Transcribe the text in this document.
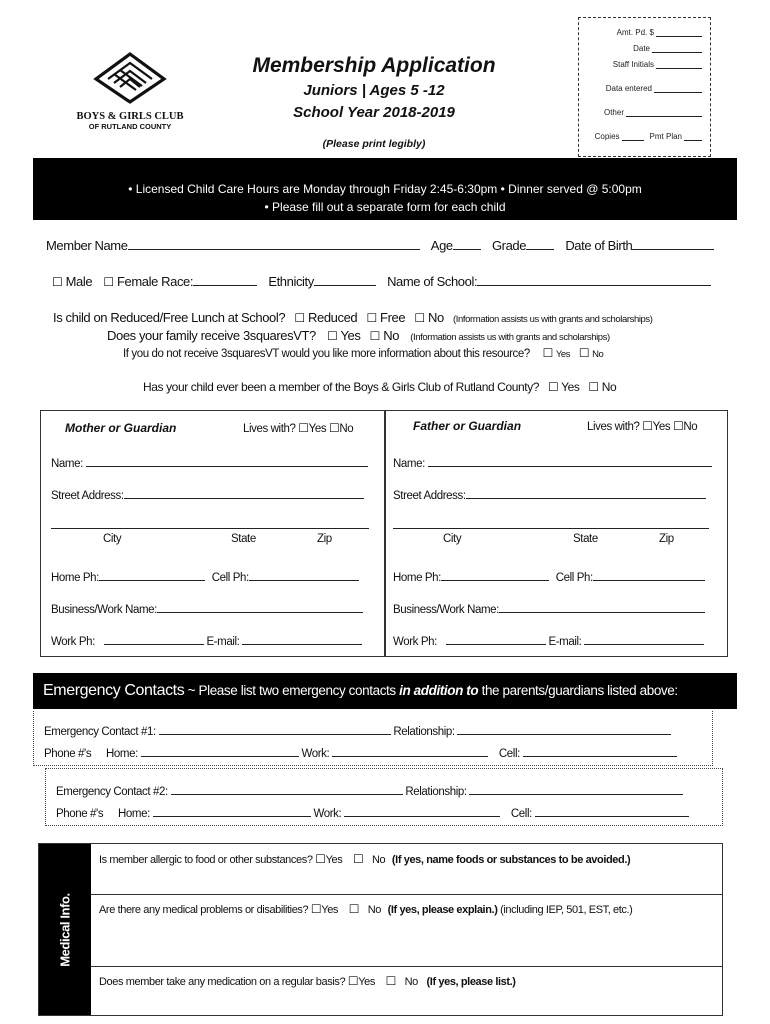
Amt. Pd. $
Date
Staff Initials
Data entered
Other
Copies	Pmt Plan
BOYS & GIRLS CLUB
OF RUTLAND COUNTY
Membership Application
Juniors | Ages 5 -12
School Year 2018-2019
(Please print legibly)
• Licensed Child Care Hours are Monday through Friday 2:45-6:30pm • Dinner served @ 5:00pm
• Please fill out a separate form for each child
Member Name	Age	Grade	Date of Birth
☐ Male ☐ Female Race:	Ethnicity	Name of School:
Is child on Reduced/Free Lunch at School? ☐ Reduced ☐ Free ☐ No (Information assists us with grants and scholarships)
Does your family receive 3squaresVT? ☐ Yes ☐ No (Information assists us with grants and scholarships)
If you do not receive 3squaresVT would you like more information about this resource? ☐ Yes ☐ No
Has your child ever been a member of the Boys & Girls Club of Rutland County? ☐ Yes ☐ No
Mother or Guardian	Lives with? ☐Yes ☐No
Name:
Street Address:
City	State	Zip
Home Ph:	Cell Ph:
Business/Work Name:
Work Ph:	E-mail:
Father or Guardian	Lives with? ☐Yes ☐No
Name:
Street Address:
City	State	Zip
Home Ph:	Cell Ph:
Business/Work Name:
Work Ph:	E-mail:
Emergency Contacts ~ Please list two emergency contacts in addition to the parents/guardians listed above:
Emergency Contact #1:	Relationship:
Phone #'s Home:	Work:	Cell:
Emergency Contact #2:	Relationship:
Phone #'s Home:	Work:	Cell:
Medical Info.
Is member allergic to food or other substances? ☐Yes ☐ No (If yes, name foods or substances to be avoided.)
Are there any medical problems or disabilities? ☐Yes ☐ No (If yes, please explain.) (including IEP, 501, EST, etc.)
Does member take any medication on a regular basis? ☐Yes ☐ No (If yes, please list.)
